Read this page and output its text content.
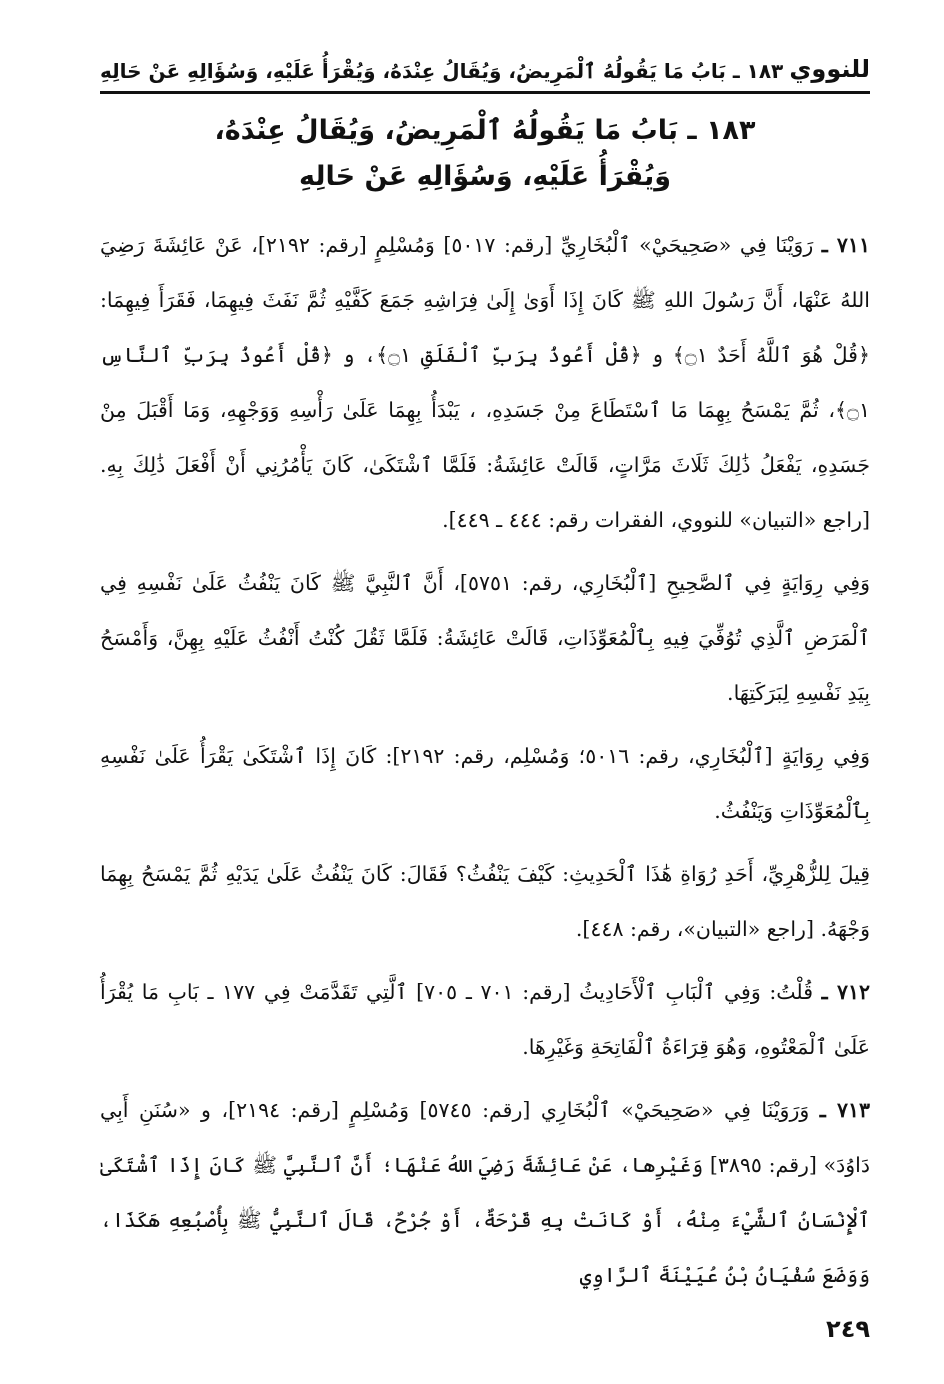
للنووي
١٨٣ ـ بَابُ مَا يَقُولُهُ ٱلْمَرِيضُ، وَيُقَالُ عِنْدَهُ، وَيُقْرَأُ عَلَيْهِ، وَسُؤَالِهِ عَنْ حَالِهِ
١٨٣ ـ بَابُ مَا يَقُولُهُ ٱلْمَرِيضُ، وَيُقَالُ عِنْدَهُ،
وَيُقْرَأُ عَلَيْهِ، وَسُؤَالِهِ عَنْ حَالِهِ

٧١١ ـ رَوَيْنَا فِي «صَحِيحَيْ» ٱلْبُخَارِيِّ [رقم: ٥٠١٧] وَمُسْلِمٍ [رقم: ٢١٩٢]، عَنْ عَائِشَةَ رَضِيَ اللهُ عَنْهَا، أَنَّ رَسُولَ اللهِ ﷺ كَانَ إِذَا أَوَىٰ إِلَىٰ فِرَاشِهِ جَمَعَ كَفَّيْهِ ثُمَّ نَفَثَ فِيهِمَا، فَقَرَأَ فِيهِمَا: ﴿قُلْ هُوَ ٱللَّهُ أَحَدٌ ۝١﴾ و ﴿قُلْ أَعُوذُ بِرَبِّ ٱلْفَلَقِ ۝١﴾، و ﴿قُلْ أَعُوذُ بِرَبِّ ٱلنَّاسِ ۝١﴾، ثُمَّ يَمْسَحُ بِهِمَا مَا ٱسْتَطَاعَ مِنْ جَسَدِهِ، ، يَبْدَأُ بِهِمَا عَلَىٰ رَأْسِهِ وَوَجْهِهِ، وَمَا أَقْبَلَ مِنْ جَسَدِهِ، يَفْعَلُ ذَٰلِكَ ثَلَاثَ مَرَّاتٍ، قَالَتْ عَائِشَةُ: فَلَمَّا ٱشْتَكَىٰ، كَانَ يَأْمُرُنِي أَنْ أَفْعَلَ ذَٰلِكَ بِهِ. [راجع «التبيان» للنووي، الفقرات رقم: ٤٤٤ ـ ٤٤٩].

وَفِي رِوَايَةٍ فِي ٱلصَّحِيحِ [ٱلْبُخَارِي، رقم: ٥٧٥١]، أَنَّ ٱلنَّبِيَّ ﷺ كَانَ يَنْفُثُ عَلَىٰ نَفْسِهِ فِي ٱلْمَرَضِ ٱلَّذِي تُوُفِّيَ فِيهِ بِٱلْمُعَوِّذَاتِ، قَالَتْ عَائِشَةُ: فَلَمَّا ثَقُلَ كُنْتُ أَنْفُثُ عَلَيْهِ بِهِنَّ، وَأَمْسَحُ بِيَدِ نَفْسِهِ لِبَرَكَتِهَا.

وَفِي رِوَايَةٍ [ٱلْبُخَارِي، رقم: ٥٠١٦؛ وَمُسْلِم، رقم: ٢١٩٢]: كَانَ إِذَا ٱشْتَكَىٰ يَقْرَأُ عَلَىٰ نَفْسِهِ بِٱلْمُعَوِّذَاتِ وَيَنْفُثُ.

قِيلَ لِلزُّهْرِيِّ، أَحَدِ رُوَاةِ هَٰذَا ٱلْحَدِيثِ: كَيْفَ يَنْفُثُ؟ فَقَالَ: كَانَ يَنْفُثُ عَلَىٰ يَدَيْهِ ثُمَّ يَمْسَحُ بِهِمَا وَجْهَهُ. [راجع «التبيان»، رقم: ٤٤٨].

٧١٢ ـ قُلْتُ: وَفِي ٱلْبَابِ ٱلْأَحَادِيثُ [رقم: ٧٠١ ـ ٧٠٥] ٱلَّتِي تَقَدَّمَتْ فِي ١٧٧ ـ بَابِ مَا يُقْرَأُ عَلَىٰ ٱلْمَعْتُوهِ، وَهُوَ قِرَاءَةُ ٱلْفَاتِحَةِ وَغَيْرِهَا.

٧١٣ ـ وَرَوَيْنَا فِي «صَحِيحَيْ» ٱلْبُخَارِي [رقم: ٥٧٤٥] وَمُسْلِمٍ [رقم: ٢١٩٤]، و «سُنَنِ أَبِي دَاوُدَ» [رقم: ٣٨٩٥] وَغَيْرِها، عَنْ عَائِشَةَ رَضِيَ اللهُ عَنْهَا؛ أَنَّ ٱلنَّبِيَّ ﷺ كَانَ إِذَا ٱشْتَكَىٰ ٱلْإِنْسَانُ ٱلشَّيْءَ مِنْهُ، أَوْ كَانَتْ بِهِ قَرْحَةٌ، أَوْ جُرْحٌ، قَالَ ٱلنَّبِيُّ ﷺ بِأُصْبُعِهِ هَكَذَا، وَوَضَعَ سُفْيَانُ بْنُ عُيَيْنَةَ ٱلرَّاوِي

٢٤٩
